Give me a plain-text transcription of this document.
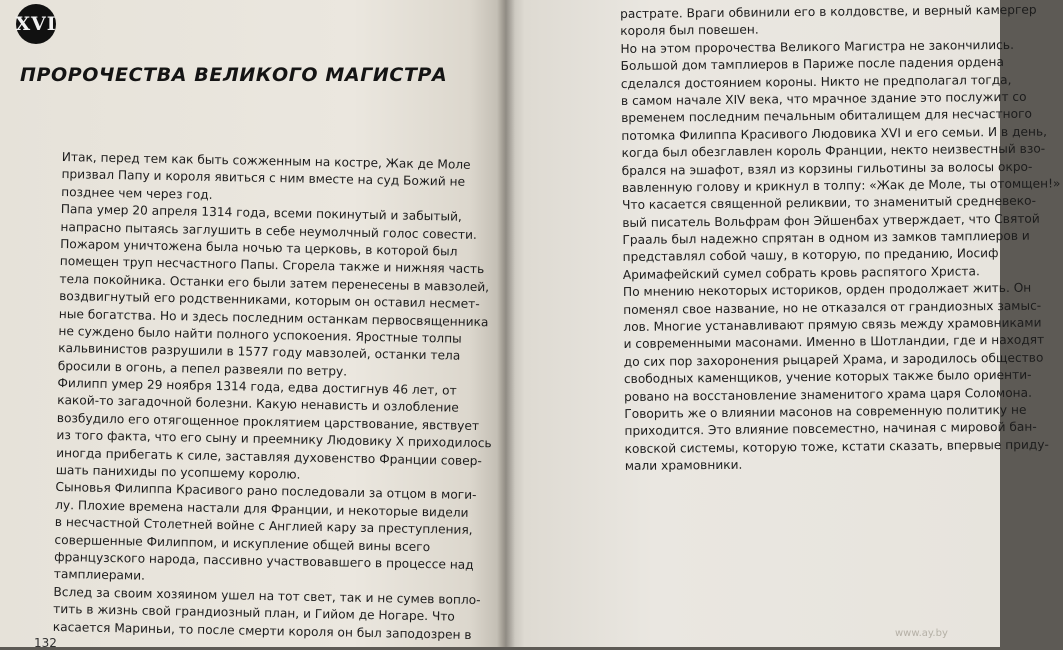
XVI
ПРОРОЧЕСТВА ВЕЛИКОГО МАГИСТРА
Итак, перед тем как быть сожженным на костре, Жак де Моле
призвал Папу и короля явиться с ним вместе на суд Божий не
позднее чем через год.
Папа умер 20 апреля 1314 года, всеми покинутый и забытый,
напрасно пытаясь заглушить в себе неумолчный голос совести.
Пожаром уничтожена была ночью та церковь, в которой был
помещен труп несчастного Папы. Сгорела также и нижняя часть
тела покойника. Останки его были затем перенесены в мавзолей,
воздвигнутый его родственниками, которым он оставил несмет-
ные богатства. Но и здесь последним останкам первосвященника
не суждено было найти полного успокоения. Яростные толпы
кальвинистов разрушили в 1577 году мавзолей, останки тела
бросили в огонь, а пепел развеяли по ветру.
Филипп умер 29 ноября 1314 года, едва достигнув 46 лет, от
какой-то загадочной болезни. Какую ненависть и озлобление
возбудило его отягощенное проклятием царствование, явствует
из того факта, что его сыну и преемнику Людовику X приходилось
иногда прибегать к силе, заставляя духовенство Франции совер-
шать панихиды по усопшему королю.
Сыновья Филиппа Красивого рано последовали за отцом в моги-
лу. Плохие времена настали для Франции, и некоторые видели
в несчастной Столетней войне с Англией кару за преступления,
совершенные Филиппом, и искупление общей вины всего
французского народа, пассивно участвовавшего в процессе над
тамплиерами.
Вслед за своим хозяином ушел на тот свет, так и не сумев вопло-
тить в жизнь свой грандиозный план, и Гийом де Ногаре. Что
касается Мариньи, то после смерти короля он был заподозрен в
132
растрате. Враги обвинили его в колдовстве, и верный камергер
короля был повешен.
Но на этом пророчества Великого Магистра не закончились.
Большой дом тамплиеров в Париже после падения ордена
сделался достоянием короны. Никто не предполагал тогда,
в самом начале XIV века, что мрачное здание это послужит со
временем последним печальным обиталищем для несчастного
потомка Филиппа Красивого Людовика XVI и его семьи. И в день,
когда был обезглавлен король Франции, некто неизвестный взо-
брался на эшафот, взял из корзины гильотины за волосы окро-
вавленную голову и крикнул в толпу: «Жак де Моле, ты отомщен!»
Что касается священной реликвии, то знаменитый средневеко-
вый писатель Вольфрам фон Эйшенбах утверждает, что Святой
Грааль был надежно спрятан в одном из замков тамплиеров и
представлял собой чашу, в которую, по преданию, Иосиф
Аримафейский сумел собрать кровь распятого Христа.
По мнению некоторых историков, орден продолжает жить. Он
поменял свое название, но не отказался от грандиозных замыс-
лов. Многие устанавливают прямую связь между храмовниками
и современными масонами. Именно в Шотландии, где и находят
до сих пор захоронения рыцарей Храма, и зародилось общество
свободных каменщиков, учение которых также было ориенти-
ровано на восстановление знаменитого храма царя Соломона.
Говорить же о влиянии масонов на современную политику не
приходится. Это влияние повсеместно, начиная с мировой бан-
ковской системы, которую тоже, кстати сказать, впервые приду-
мали храмовники.
www.ay.by
